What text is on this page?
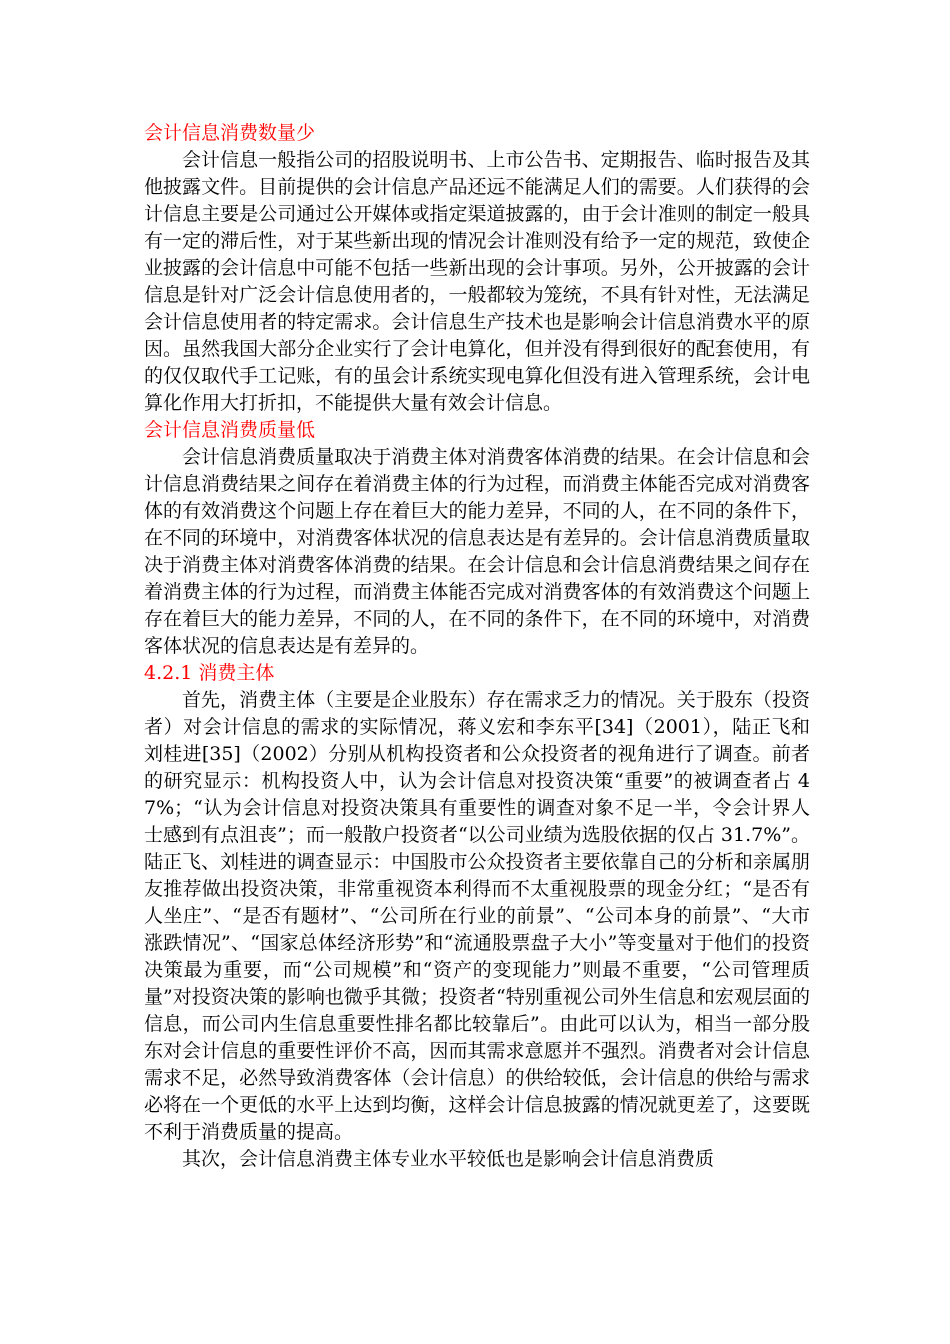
会计信息消费数量少

会计信息一般指公司的招股说明书、上市公告书、定期报告、临时报告及其他披露文件。目前提供的会计信息产品还远不能满足人们的需要。人们获得的会计信息主要是公司通过公开媒体或指定渠道披露的，由于会计准则的制定一般具有一定的滞后性，对于某些新出现的情况会计准则没有给予一定的规范，致使企业披露的会计信息中可能不包括一些新出现的会计事项。另外，公开披露的会计信息是针对广泛会计信息使用者的，一般都较为笼统，不具有针对性，无法满足会计信息使用者的特定需求。会计信息生产技术也是影响会计信息消费水平的原因。虽然我国大部分企业实行了会计电算化，但并没有得到很好的配套使用，有的仅仅取代手工记账，有的虽会计系统实现电算化但没有进入管理系统，会计电算化作用大打折扣，不能提供大量有效会计信息。

会计信息消费质量低

会计信息消费质量取决于消费主体对消费客体消费的结果。在会计信息和会计信息消费结果之间存在着消费主体的行为过程，而消费主体能否完成对消费客体的有效消费这个问题上存在着巨大的能力差异，不同的人，在不同的条件下，在不同的环境中，对消费客体状况的信息表达是有差异的。会计信息消费质量取决于消费主体对消费客体消费的结果。在会计信息和会计信息消费结果之间存在着消费主体的行为过程，而消费主体能否完成对消费客体的有效消费这个问题上存在着巨大的能力差异，不同的人，在不同的条件下，在不同的环境中，对消费客体状况的信息表达是有差异的。

4.2.1 消费主体

首先，消费主体（主要是企业股东）存在需求乏力的情况。关于股东（投资者）对会计信息的需求的实际情况，蒋义宏和李东平[34]（2001），陆正飞和刘桂进[35]（2002）分别从机构投资者和公众投资者的视角进行了调查。前者的研究显示：机构投资人中，认为会计信息对投资决策“重要”的被调查者占 47%；“认为会计信息对投资决策具有重要性的调查对象不足一半，令会计界人士感到有点沮丧”；而一般散户投资者“以公司业绩为选股依据的仅占 31.7%”。陆正飞、刘桂进的调查显示：中国股市公众投资者主要依靠自己的分析和亲属朋友推荐做出投资决策，非常重视资本利得而不太重视股票的现金分红；“是否有人坐庄”、“是否有题材”、“公司所在行业的前景”、“公司本身的前景”、“大市涨跌情况”、“国家总体经济形势”和“流通股票盘子大小”等变量对于他们的投资决策最为重要，而“公司规模”和“资产的变现能力”则最不重要，“公司管理质量”对投资决策的影响也微乎其微；投资者“特别重视公司外生信息和宏观层面的信息，而公司内生信息重要性排名都比较靠后”。由此可以认为，相当一部分股东对会计信息的重要性评价不高，因而其需求意愿并不强烈。消费者对会计信息需求不足，必然导致消费客体（会计信息）的供给较低，会计信息的供给与需求必将在一个更低的水平上达到均衡，这样会计信息披露的情况就更差了，这要既不利于消费质量的提高。

其次，会计信息消费主体专业水平较低也是影响会计信息消费质
